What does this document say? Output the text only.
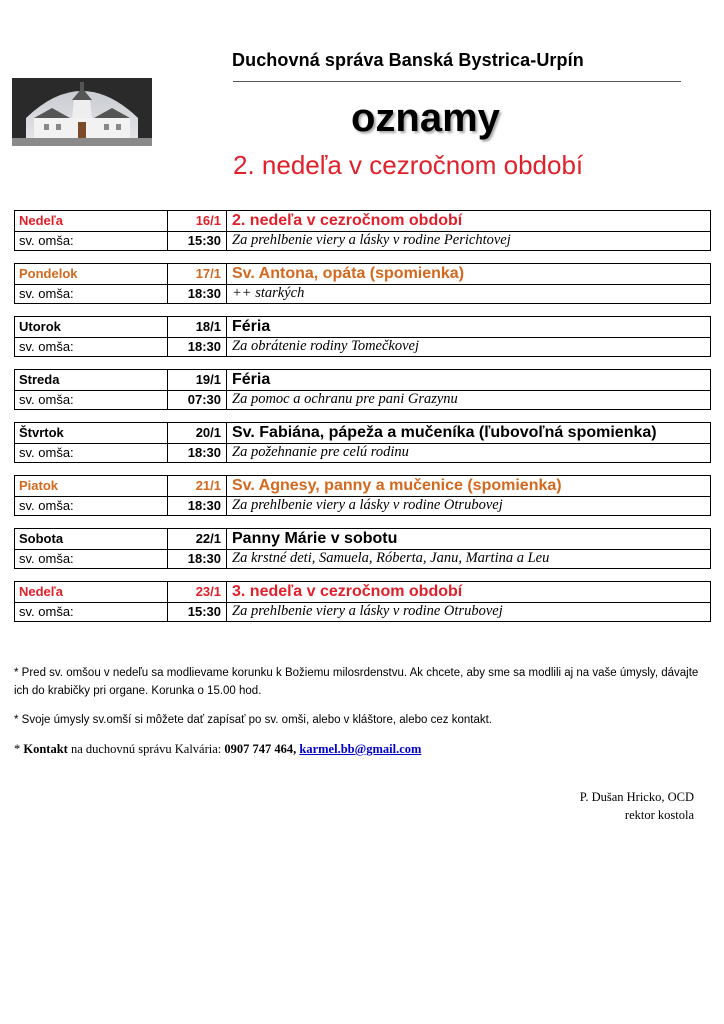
Duchovná správa Banská Bystrica-Urpín
oznamy
2. nedeľa v cezročnom období
Nedeľa	16/1 2. nedeľa v cezročnom období
sv. omša:	15:30 Za prehlbenie viery a lásky v rodine Perichtovej
Pondelok	17/1 Sv. Antona, opáta (spomienka)
sv. omša:	18:30 ++ starkých
Utorok	18/1 Féria
sv. omša:	18:30 Za obrátenie rodiny Tomečkovej
Streda	19/1 Féria
sv. omša:	07:30 Za pomoc a ochranu pre pani Grazynu
Štvrtok	20/1 Sv. Fabiána, pápeža a mučeníka (ľubovoľná spomienka)
sv. omša:	18:30 Za požehnanie pre celú rodinu
Piatok	21/1 Sv. Agnesy, panny a mučenice (spomienka)
sv. omša:	18:30 Za prehlbenie viery a lásky v rodine Otrubovej
Sobota	22/1 Panny Márie v sobotu
sv. omša:	18:30 Za krstné deti, Samuela, Róberta, Janu, Martina a Leu
Nedeľa	23/1 3. nedeľa v cezročnom období
sv. omša:	15:30 Za prehlbenie viery a lásky v rodine Otrubovej

* Pred sv. omšou v nedeľu sa modlievame korunku k Božiemu milosrdenstvu. Ak chcete, aby sme sa modlili aj na vaše úmysly, dávajte ich do krabičky pri organe. Korunka o 15.00 hod.

* Svoje úmysly sv.omší si môžete dať zapísať po sv. omši, alebo v kláštore, alebo cez kontakt.

* Kontakt na duchovnú správu Kalvária: 0907 747 464, karmel.bb@gmail.com

P. Dušan Hricko, OCD
rektor kostola
